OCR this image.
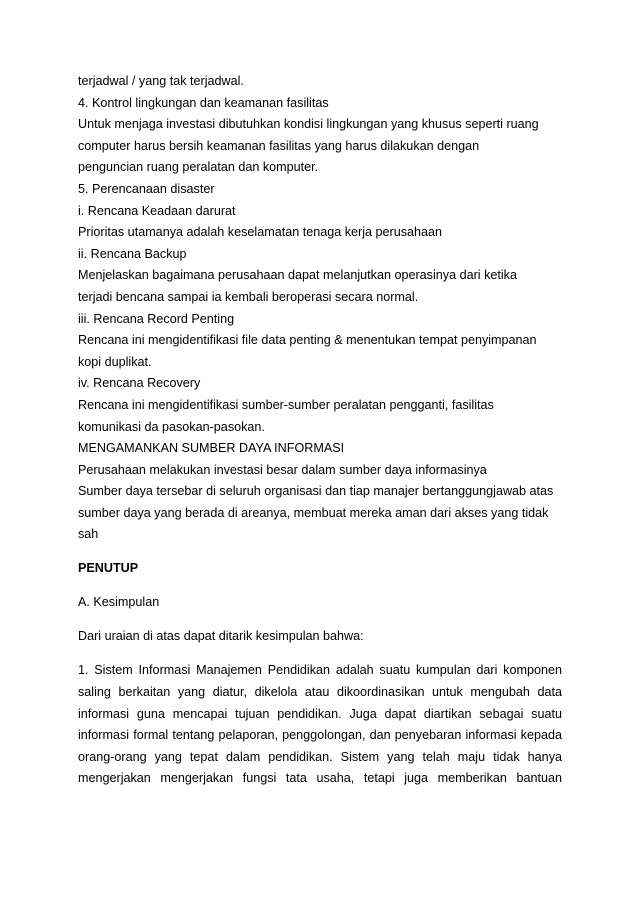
terjadwal / yang tak terjadwal.
4. Kontrol lingkungan dan keamanan fasilitas
Untuk menjaga investasi dibutuhkan kondisi lingkungan yang khusus seperti ruang
computer harus bersih keamanan fasilitas yang harus dilakukan dengan
penguncian ruang peralatan dan komputer.
5. Perencanaan disaster
i. Rencana Keadaan darurat
Prioritas utamanya adalah keselamatan tenaga kerja perusahaan
ii. Rencana Backup
Menjelaskan bagaimana perusahaan dapat melanjutkan operasinya dari ketika
terjadi bencana sampai ia kembali beroperasi secara normal.
iii. Rencana Record Penting
Rencana ini mengidentifikasi file data penting & menentukan tempat penyimpanan
kopi duplikat.
iv. Rencana Recovery
Rencana ini mengidentifikasi sumber-sumber peralatan pengganti, fasilitas
komunikasi da pasokan-pasokan.
MENGAMANKAN SUMBER DAYA INFORMASI
Perusahaan melakukan investasi besar dalam sumber daya informasinya
Sumber daya tersebar di seluruh organisasi dan tiap manajer bertanggungjawab atas
sumber daya yang berada di areanya, membuat mereka aman dari akses yang tidak
sah
PENUTUP
A. Kesimpulan
Dari uraian di atas dapat ditarik kesimpulan bahwa:
1. Sistem Informasi Manajemen Pendidikan adalah suatu kumpulan dari komponen
saling berkaitan yang diatur, dikelola atau dikoordinasikan untuk mengubah data
informasi guna mencapai tujuan pendidikan. Juga dapat diartikan sebagai suatu
informasi formal tentang pelaporan, penggolongan, dan penyebaran informasi kepada
orang-orang yang tepat dalam pendidikan. Sistem yang telah maju tidak hanya
mengerjakan mengerjakan fungsi tata usaha, tetapi juga memberikan bantuan
